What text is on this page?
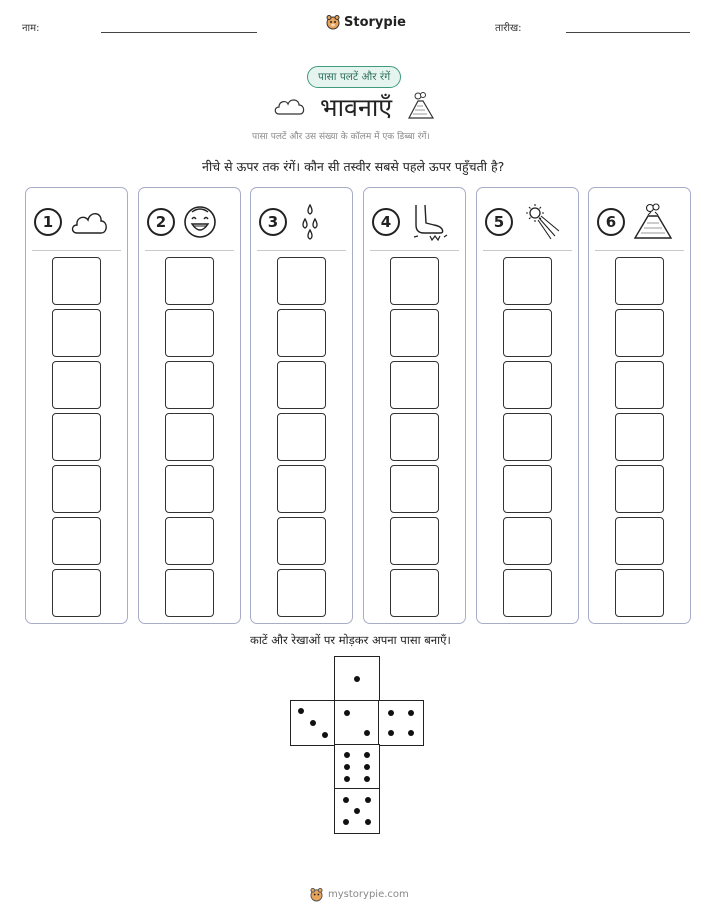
नाम:	Storypie	तारीख:
पासा पलटें और रंगें
भावनाएँ
पासा पलटें और उस संख्या के कॉलम में एक डिब्बा रंगें।
नीचे से ऊपर तक रंगें। कौन सी तस्वीर सबसे पहले ऊपर पहुँचती है?
1	2	3	4	5	6
काटें और रेखाओं पर मोड़कर अपना पासा बनाएँ।
mystorypie.com
